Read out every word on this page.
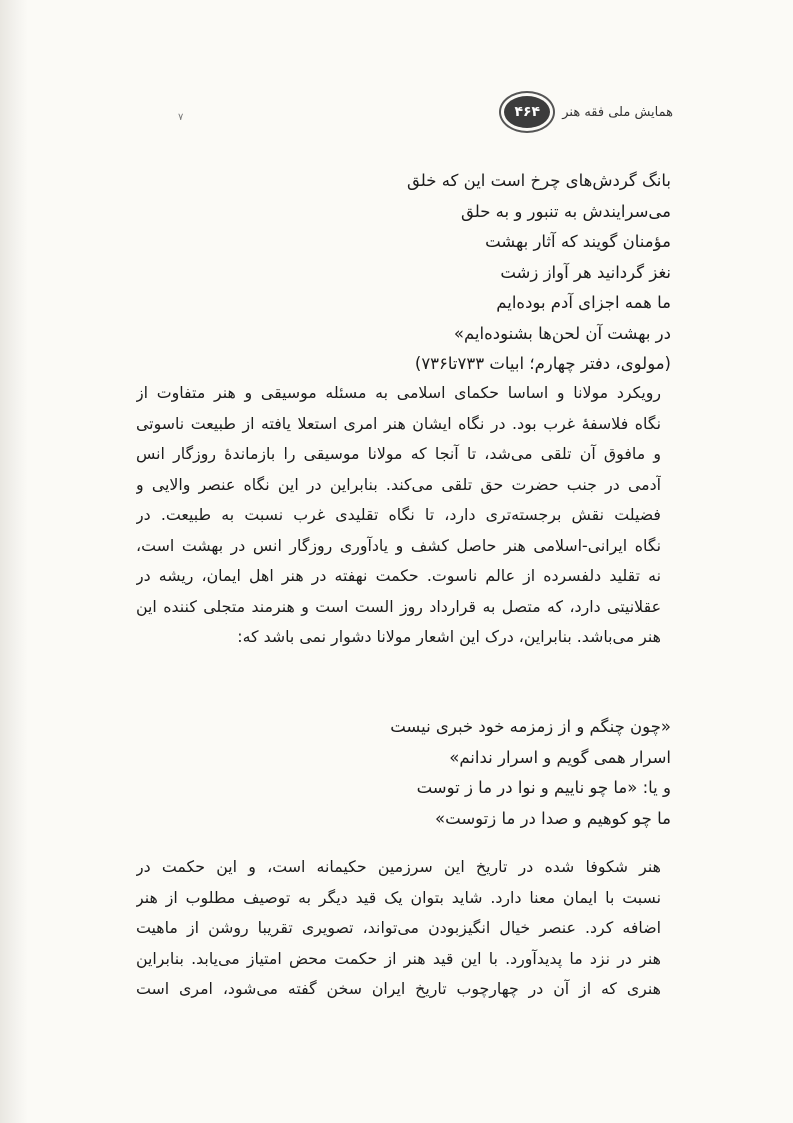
۴۶۴	همایش ملی فقه هنر
۷
بانگ گردش‌های چرخ است این که خلق
می‌سرایندش به تنبور و به حلق
مؤمنان گویند که آثار بهشت
نغز گردانید هر آواز زشت
ما همه اجزای آدم بوده‌ایم
در بهشت آن لحن‌ها بشنوده‌ایم»
(مولوی، دفتر چهارم؛ ابیات ۷۳۳تا۷۳۶)
رویکرد مولانا و اساسا حکمای اسلامی به مسئله موسیقی و هنر متفاوت از
نگاه فلاسفۀ غرب بود. در نگاه ایشان هنر امری استعلا یافته از طبیعت ناسوتی
و مافوق آن تلقی می‌شد، تا آنجا که مولانا موسیقی را بازماندۀ روزگار انس
آدمی در جنب حضرت حق تلقی می‌کند. بنابراین در این نگاه عنصر والایی و
فضیلت نقش برجسته‌تری دارد، تا نگاه تقلیدی غرب نسبت به طبیعت. در
نگاه ایرانی-اسلامی هنر حاصل کشف و یادآوری روزگار انس در بهشت است،
نه تقلید دلفسرده از عالم ناسوت. حکمت نهفته در هنر اهل ایمان، ریشه در
عقلانیتی دارد، که متصل به قرارداد روز الست است و هنرمند متجلی کننده این
هنر می‌باشد. بنابراین، درک این اشعار مولانا دشوار نمی باشد که:
«چون چنگم و از زمزمه خود خبری نیست
اسرار همی گویم و اسرار ندانم»
و یا: «ما چو ناییم و نوا در ما ز توست
ما چو کوهیم و صدا در ما زتوست»
هنر شکوفا شده در تاریخ این سرزمین حکیمانه است، و این حکمت در
نسبت با ایمان معنا دارد. شاید بتوان یک قید دیگر به توصیف مطلوب از هنر
اضافه کرد. عنصر خیال انگیزبودن می‌تواند، تصویری تقریبا روشن از ماهیت
هنر در نزد ما پدیدآورد. با این قید هنر از حکمت محض امتیاز می‌یابد. بنابراین
هنری که از آن در چهارچوب تاریخ ایران سخن گفته می‌شود، امری است
